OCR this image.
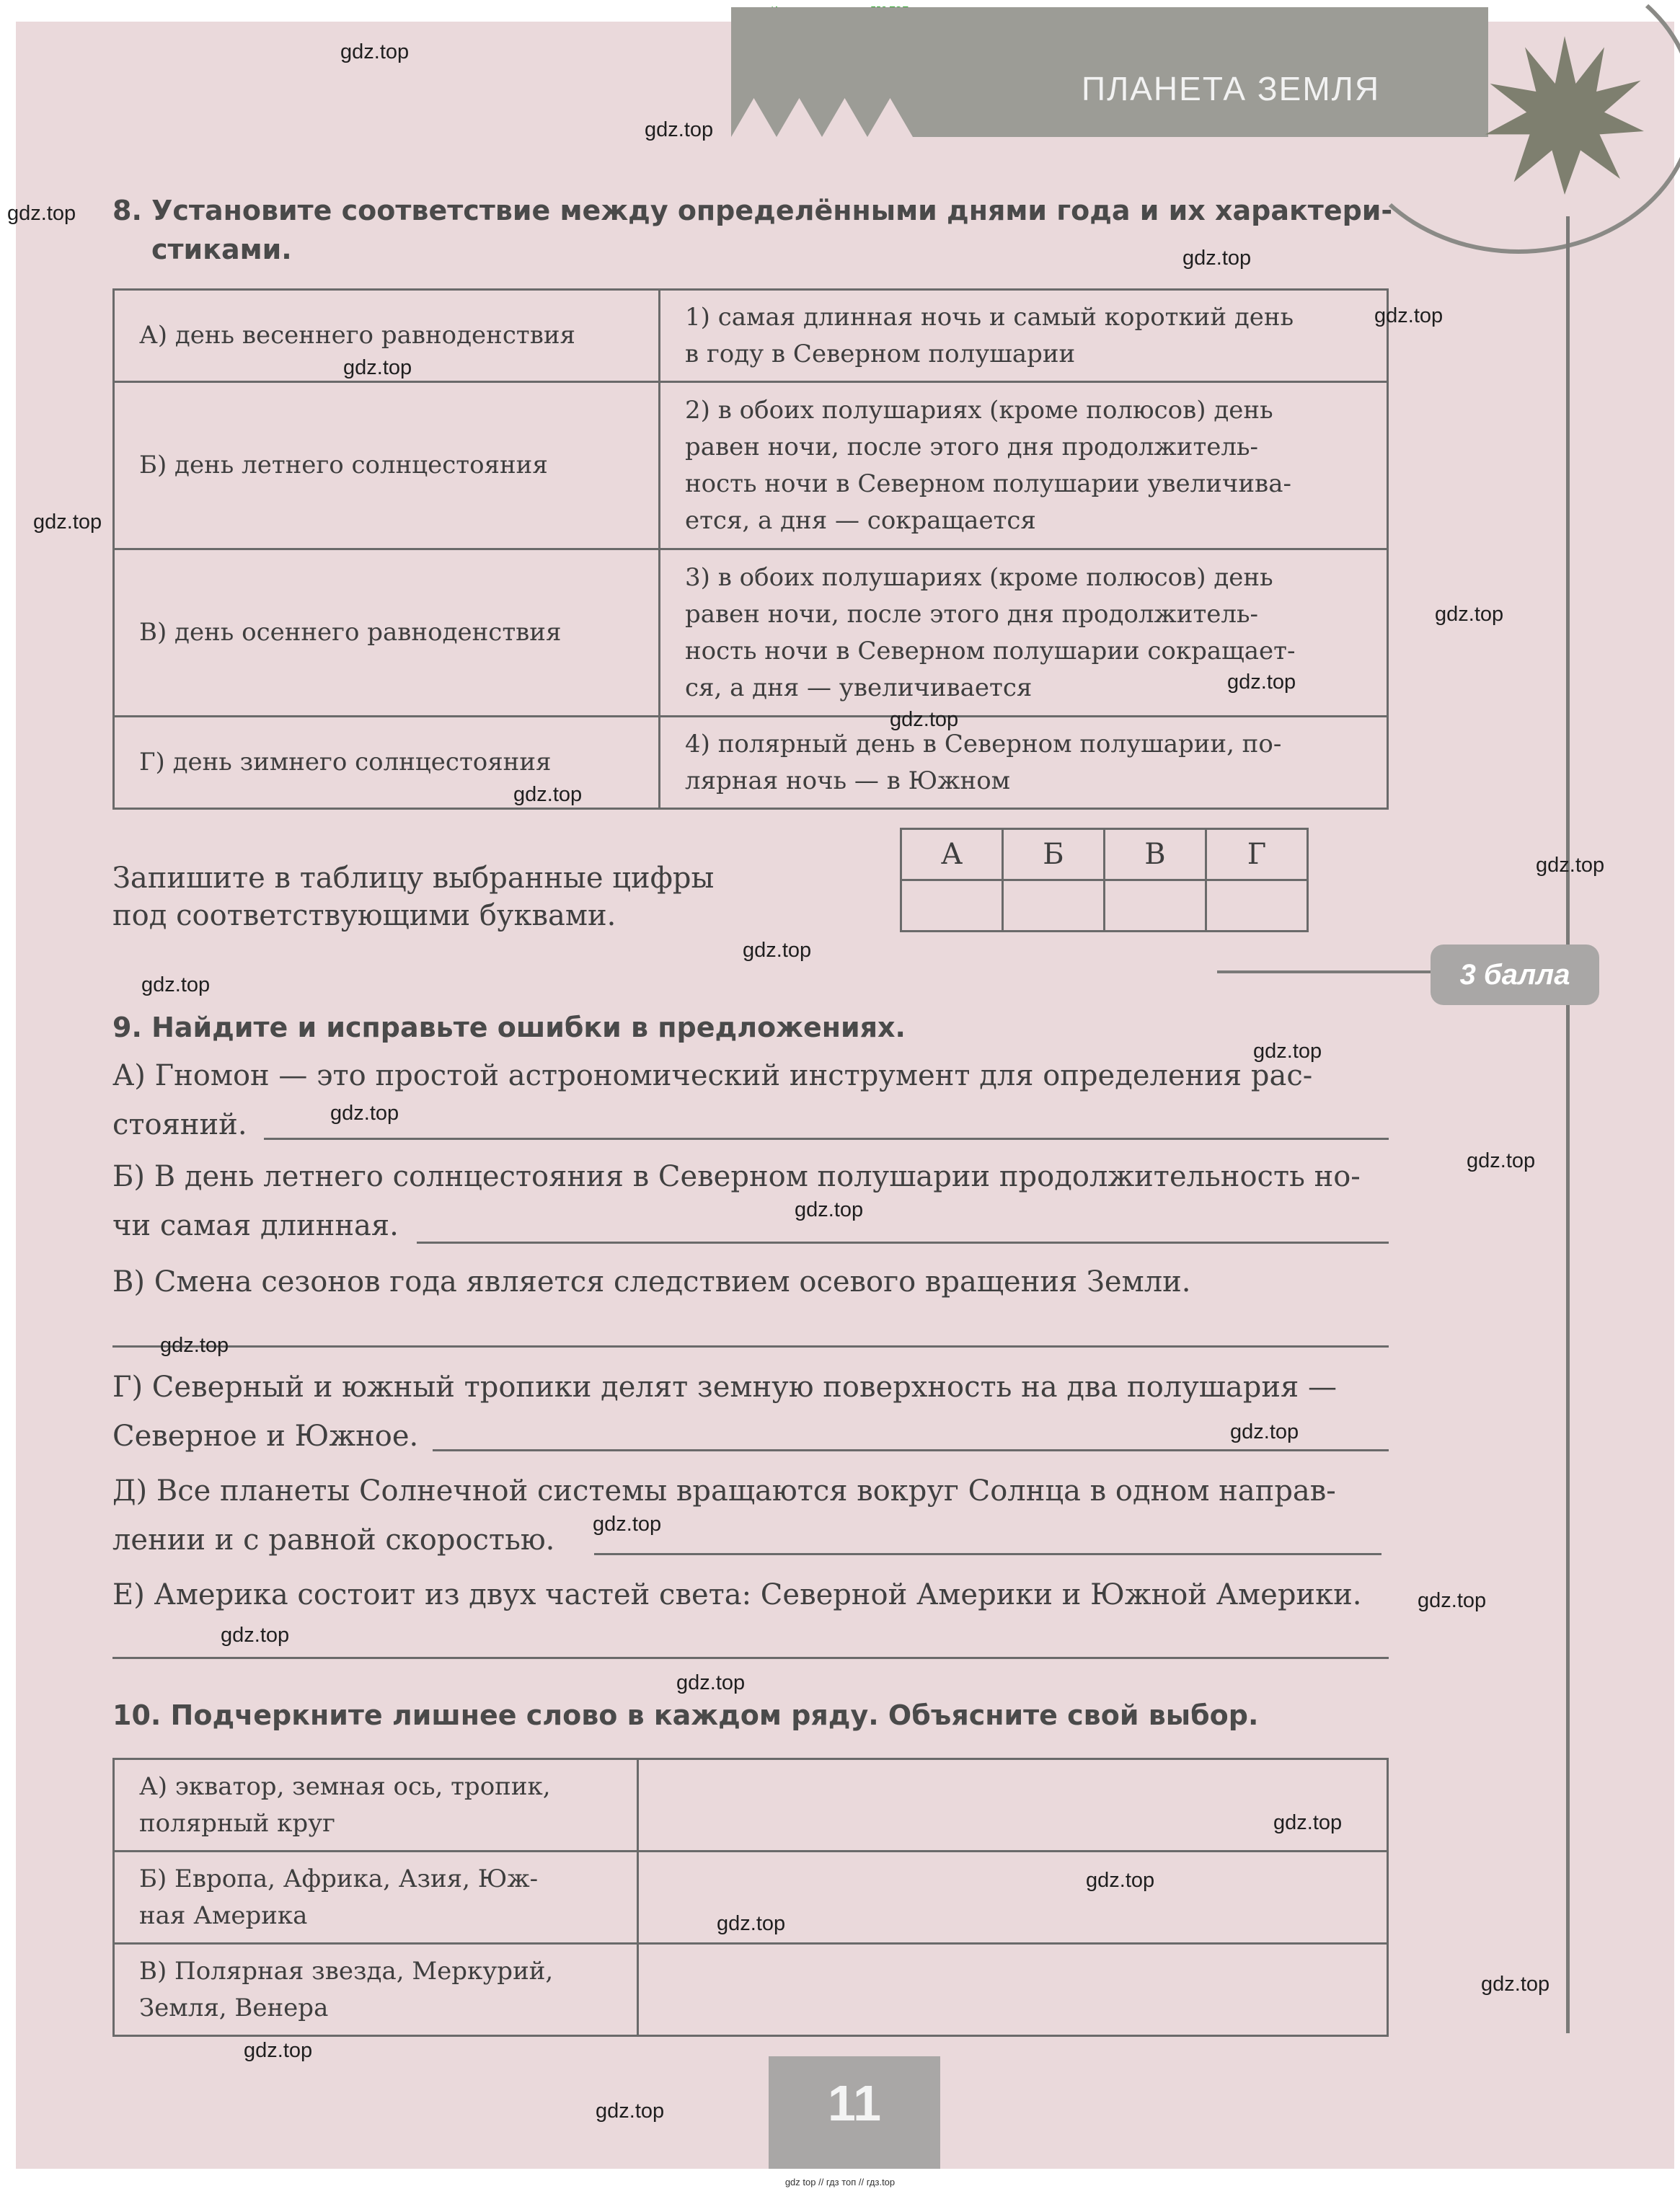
ПЛАНЕТА ЗЕМЛЯ
8. Установите соответствие между определёнными днями года и их характери-
стиками.
А) день весеннего равноденствия	1) самая длинная ночь и самый короткий день
в году в Северном полушарии

Б) день летнего солнцестояния	2) в обоих полушариях (кроме полюсов) день
равен ночи, после этого дня продолжитель-
ность ночи в Северном полушарии увеличива-
ется, а дня — сокращается

В) день осеннего равноденствия	3) в обоих полушариях (кроме полюсов) день
равен ночи, после этого дня продолжитель-
ность ночи в Северном полушарии сокращает-
ся, а дня — увеличивается

Г) день зимнего солнцестояния	4) полярный день в Северном полушарии, по-
лярная ночь — в Южном
Запишите в таблицу выбранные цифры
под соответствующими буквами.
А	Б	В	Г

3 балла
9. Найдите и исправьте ошибки в предложениях.
А) Гномон — это простой астрономический инструмент для определения рас-
стояний.
Б) В день летнего солнцестояния в Северном полушарии продолжительность но-
чи самая длинная.
В) Смена сезонов года является следствием осевого вращения Земли.
Г) Северный и южный тропики делят земную поверхность на два полушария —
Северное и Южное.
Д) Все планеты Солнечной системы вращаются вокруг Солнца в одном направ-
лении и с равной скоростью.
Е) Америка состоит из двух частей света: Северной Америки и Южной Америки.
10. Подчеркните лишнее слово в каждом ряду. Объясните свой выбор.
А) экватор, земная ось, тропик,
полярный круг	

Б) Европа, Африка, Азия, Юж-
ная Америка	

В) Полярная звезда, Меркурий,
Земля, Венера	

11
gdz.top
gdz.top
gdz.top
gdz.top
gdz.top
gdz.top
gdz.top
gdz.top
gdz.top
gdz.top
gdz.top
gdz.top
gdz.top
gdz.top
gdz.top
gdz.top
gdz.top
gdz.top
gdz.top
gdz.top
gdz.top
gdz.top
gdz.top
gdz.top
gdz.top
gdz.top
gdz.top
gdz.top
gdz.top
gdz.top
gdz top // гдз топ // гдз.top
